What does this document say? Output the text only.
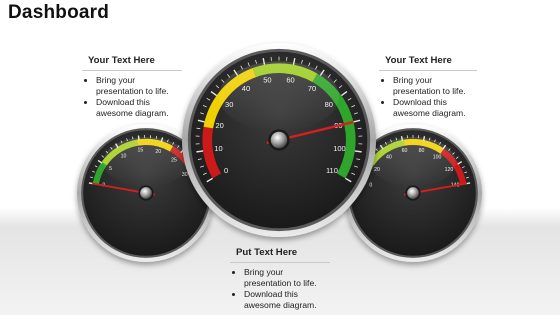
Dashboard
Your Text Here
• Bring your presentation to life.
• Download this awesome diagram.
Your Text Here
• Bring your presentation to life.
• Download this awesome diagram.
Put Text Here
• Bring your presentation to life.
• Download this awesome diagram.
5
10
15 20
25
30
0
20
40
60 80
100
120
0
10
20
30
40
50 60
70
80
100
110
